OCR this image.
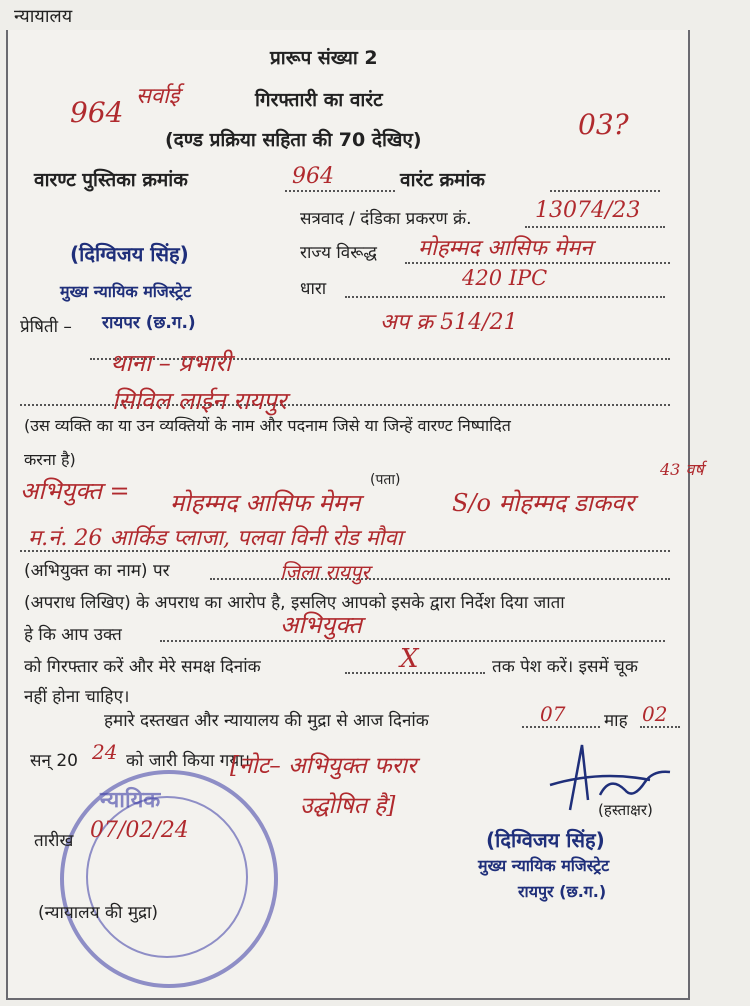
न्यायालय
प्रारूप संख्या 2
964 सर्वाई	गिरफ्तारी का वारंट
03?
(दण्ड प्रक्रिया सहिता की 70 देखिए)
वारण्ट पुस्तिका क्रमांक	964	वारंट क्रमांक
सत्रवाद / दंडिका प्रकरण क्रं.	13074/23
(दिग्विजय सिंह)
मुख्य न्यायिक मजिस्ट्रेट
प्रेषिती – रायपर (छ.ग.)
राज्य विरूद्ध मोहम्मद आसिफ मेमन
धारा	420 IPC
अप क्र 514/21
थाना – प्रभारी
सिविल लाईन रायपुर
(उस व्यक्ति का या उन व्यक्तियों के नाम और पदनाम जिसे या जिन्हें वारण्ट निष्पादित
करना है)
अभियुक्त =
43 वर्ष
मोहम्मद आसिफ मेमन
(पता)
S/o मोहम्मद डाकवर
म.नं. 26 आर्किड प्लाजा, पलवा विनी रोड मौवा
(अभियुक्त का नाम) पर	जिला रायपुर
(अपराध लिखिए) के अपराध का आरोप है, इसलिए आपको इसके द्वारा निर्देश दिया जाता
हे कि आप उक्त	अभियुक्त
को गिरफ्तार करें और मेरे समक्ष दिनांक	X	तक पेश करें। इसमें चूक
नहीं होना चाहिए।
हमारे दस्तखत और न्यायालय की मुद्रा से आज दिनांक	07 माह 02
सन् 20 24 को जारी किया गया।
[नोट– अभियुक्त फरार
उद्घोषित है]
न्यायिक
तारीख 07/02/24
(न्यायालय की मुद्रा)
(हस्ताक्षर)
(दिग्विजय सिंह)
मुख्य न्यायिक मजिस्ट्रेट
रायपुर (छ.ग.)
